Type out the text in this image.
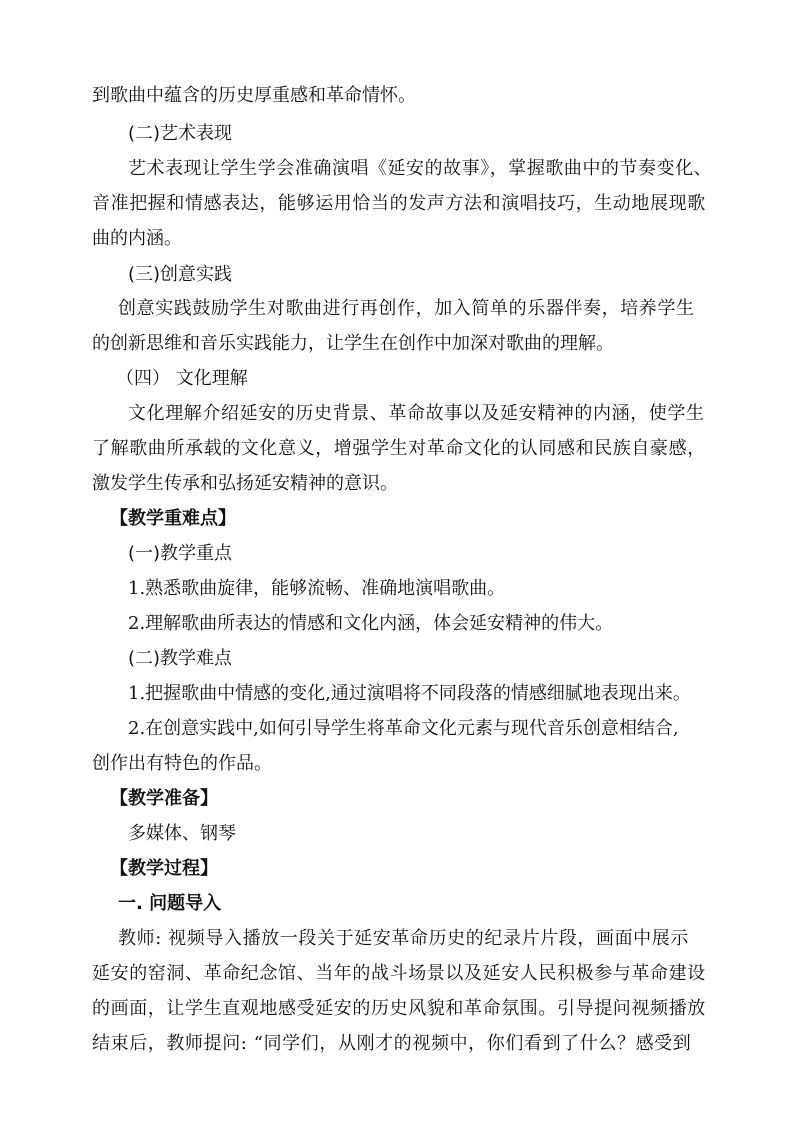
到歌曲中蕴含的历史厚重感和革命情怀。
(二)艺术表现
艺术表现让学生学会准确演唱《延安的故事》，掌握歌曲中的节奏变化、
音准把握和情感表达，能够运用恰当的发声方法和演唱技巧，生动地展现歌
曲的内涵。
(三)创意实践
创意实践鼓励学生对歌曲进行再创作，加入简单的乐器伴奏，培养学生
的创新思维和音乐实践能力，让学生在创作中加深对歌曲的理解。
（四） 文化理解
文化理解介绍延安的历史背景、革命故事以及延安精神的内涵，使学生
了解歌曲所承载的文化意义，增强学生对革命文化的认同感和民族自豪感，
激发学生传承和弘扬延安精神的意识。
【教学重难点】
(一)教学重点
1.熟悉歌曲旋律，能够流畅、准确地演唱歌曲。
2.理解歌曲所表达的情感和文化内涵，体会延安精神的伟大。
(二)教学难点
1.把握歌曲中情感的变化,通过演唱将不同段落的情感细腻地表现出来。
2.在创意实践中,如何引导学生将革命文化元素与现代音乐创意相结合,
创作出有特色的作品。
【教学准备】
多媒体、钢琴
【教学过程】
一. 问题导入
教师: 视频导入播放一段关于延安革命历史的纪录片片段，画面中展示
延安的窑洞、革命纪念馆、当年的战斗场景以及延安人民积极参与革命建设
的画面，让学生直观地感受延安的历史风貌和革命氛围。引导提问视频播放
结束后，教师提问: “同学们，从刚才的视频中，你们看到了什么？感受到
